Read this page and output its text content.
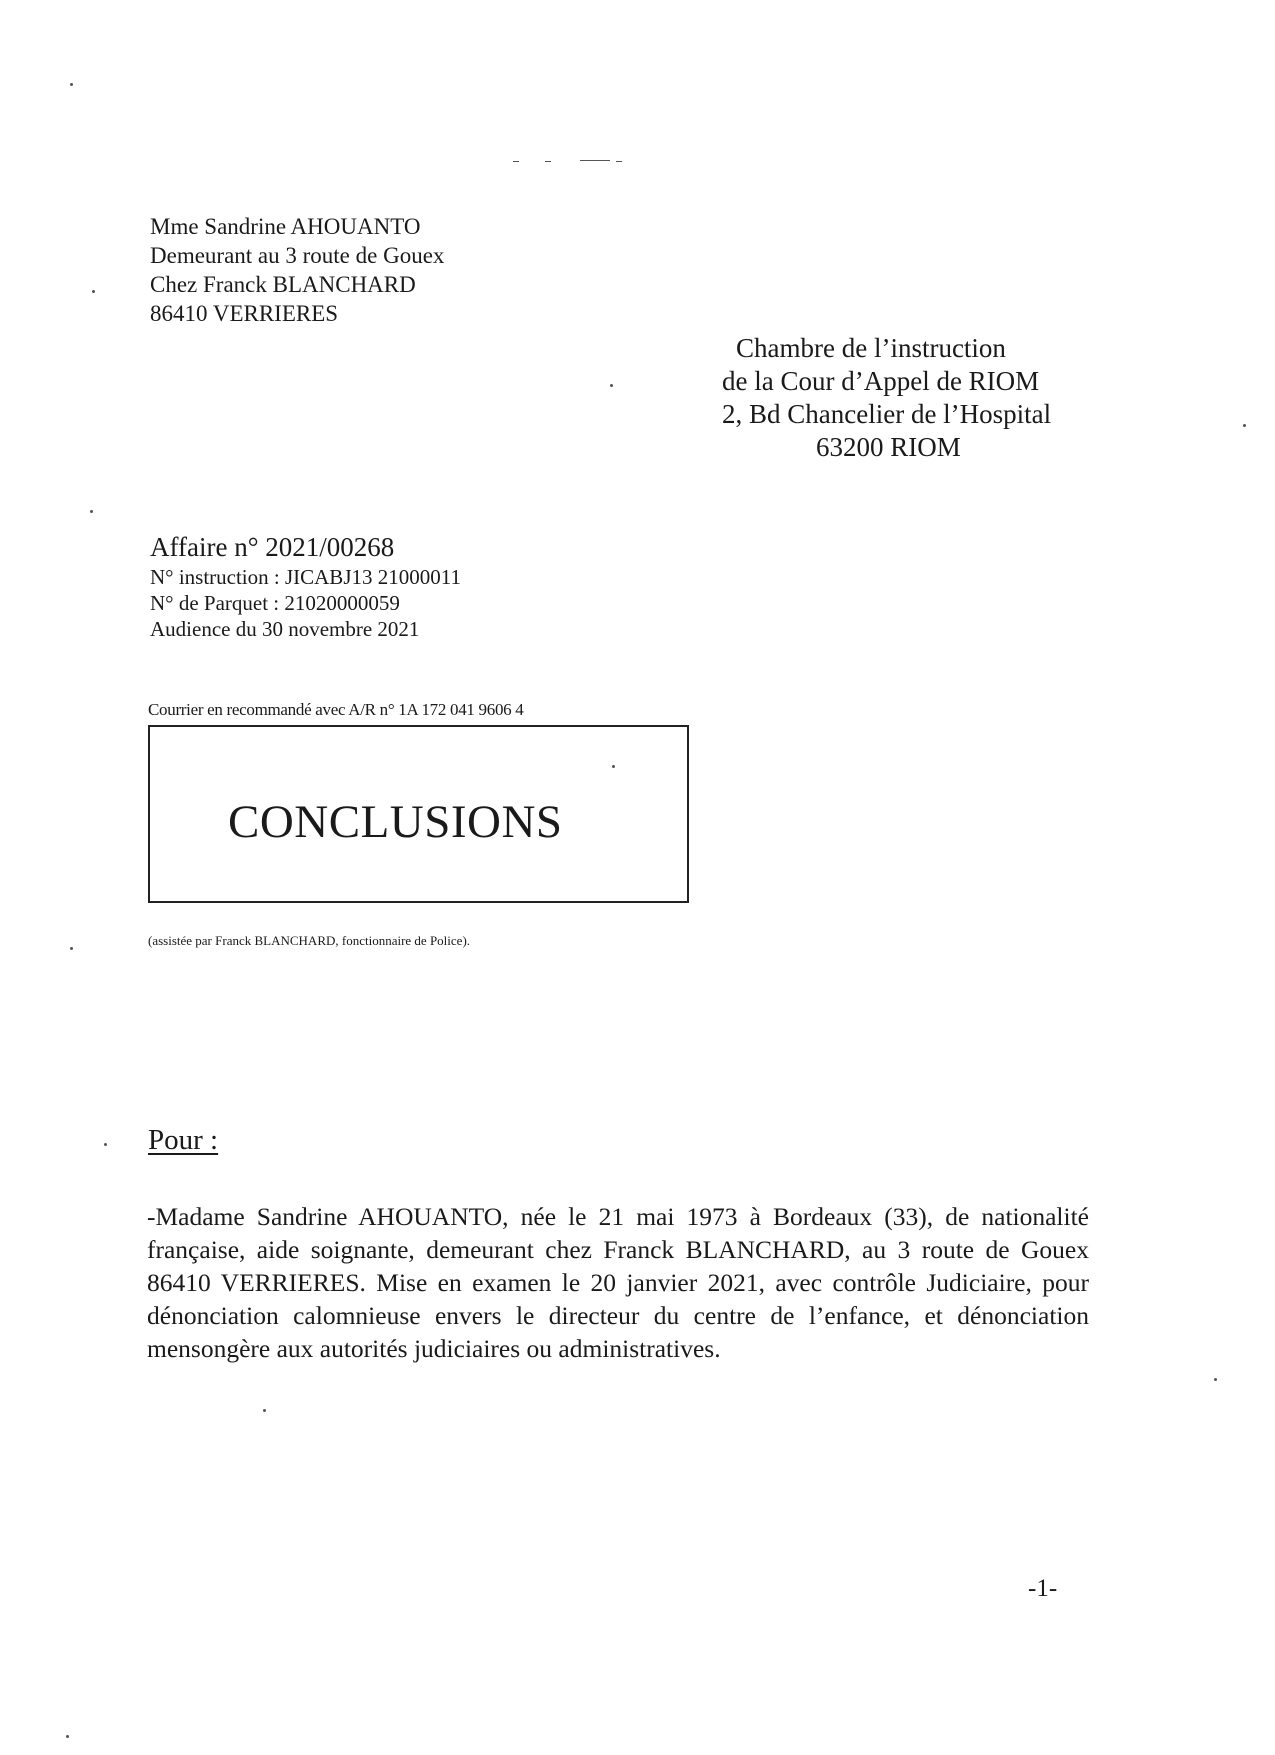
Mme Sandrine AHOUANTO
Demeurant au 3 route de Gouex
Chez Franck BLANCHARD
86410 VERRIERES
Chambre de l’instruction
de la Cour d’Appel de RIOM
2, Bd Chancelier de l’Hospital
63200 RIOM
Affaire n° 2021/00268
N° instruction : JICABJ13 21000011
N° de Parquet : 21020000059
Audience du 30 novembre 2021
Courrier en recommandé avec A/R n° 1A 172 041 9606 4
CONCLUSIONS
(assistée par Franck BLANCHARD, fonctionnaire de Police).
Pour :
-Madame Sandrine AHOUANTO, née le 21 mai 1973 à Bordeaux (33), de nationalité française, aide soignante, demeurant chez Franck BLANCHARD, au 3 route de Gouex 86410 VERRIERES. Mise en examen le 20 janvier 2021, avec contrôle Judiciaire, pour dénonciation calomnieuse envers le directeur du centre de l’enfance, et dénonciation mensongère aux autorités judiciaires ou administratives.
-1-
